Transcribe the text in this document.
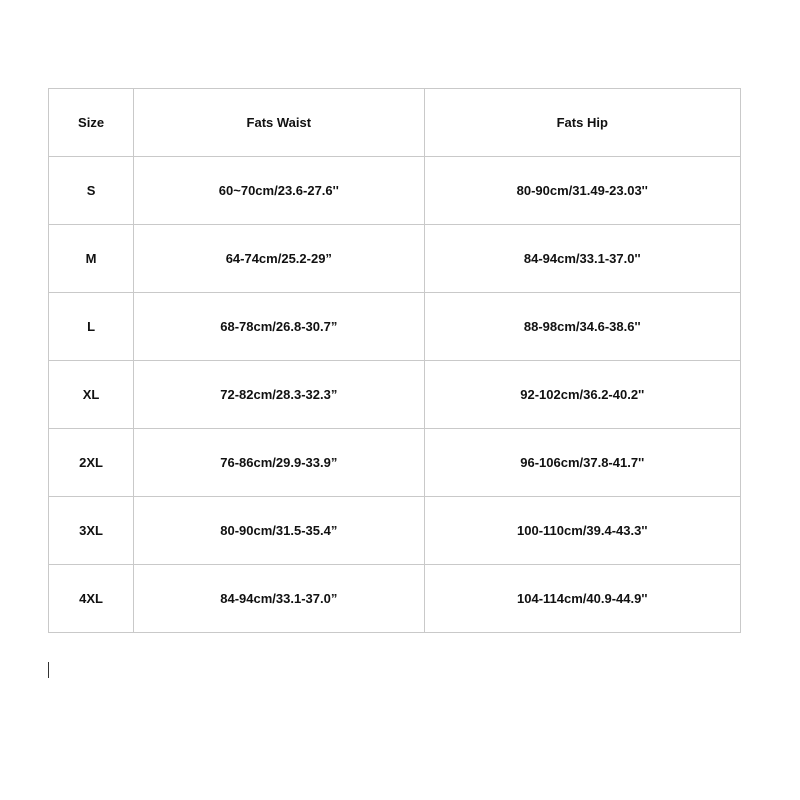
Size	Fats Waist	Fats Hip
S	60~70cm/23.6-27.6''	80-90cm/31.49-23.03''
M	64-74cm/25.2-29”	84-94cm/33.1-37.0''
L	68-78cm/26.8-30.7”	88-98cm/34.6-38.6''
XL	72-82cm/28.3-32.3”	92-102cm/36.2-40.2''
2XL	76-86cm/29.9-33.9”	96-106cm/37.8-41.7''
3XL	80-90cm/31.5-35.4”	100-110cm/39.4-43.3''
4XL	84-94cm/33.1-37.0”	104-114cm/40.9-44.9''
